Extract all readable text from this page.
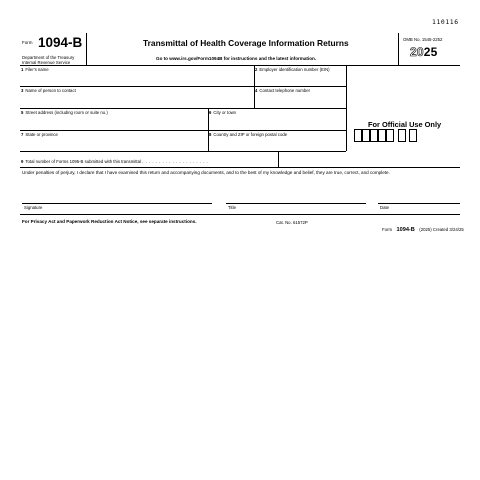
110116
Form 1094-B
Department of the Treasury
Internal Revenue Service
Transmittal of Health Coverage Information Returns
Go to www.irs.gov/Form1094B for instructions and the latest information.
OMB No. 1545-2252
2025
1 Filer's name	2 Employer identification number (EIN)
3 Name of person to contact	4 Contact telephone number
5 Street address (including room or suite no.)	6 City or town
7 State or province	8 Country and ZIP or foreign postal code
9 Total number of Forms 1095-B submitted with this transmittal . . . . . . . . . . . . . . . . . . . .
For Official Use Only
Under penalties of perjury, I declare that I have examined this return and accompanying documents, and to the best of my knowledge and belief, they are true, correct, and complete.
Signature	Title	Date
For Privacy Act and Paperwork Reduction Act Notice, see separate instructions.	Cat. No. 61572P
Form 1094-B (2025) Created 3/24/25
